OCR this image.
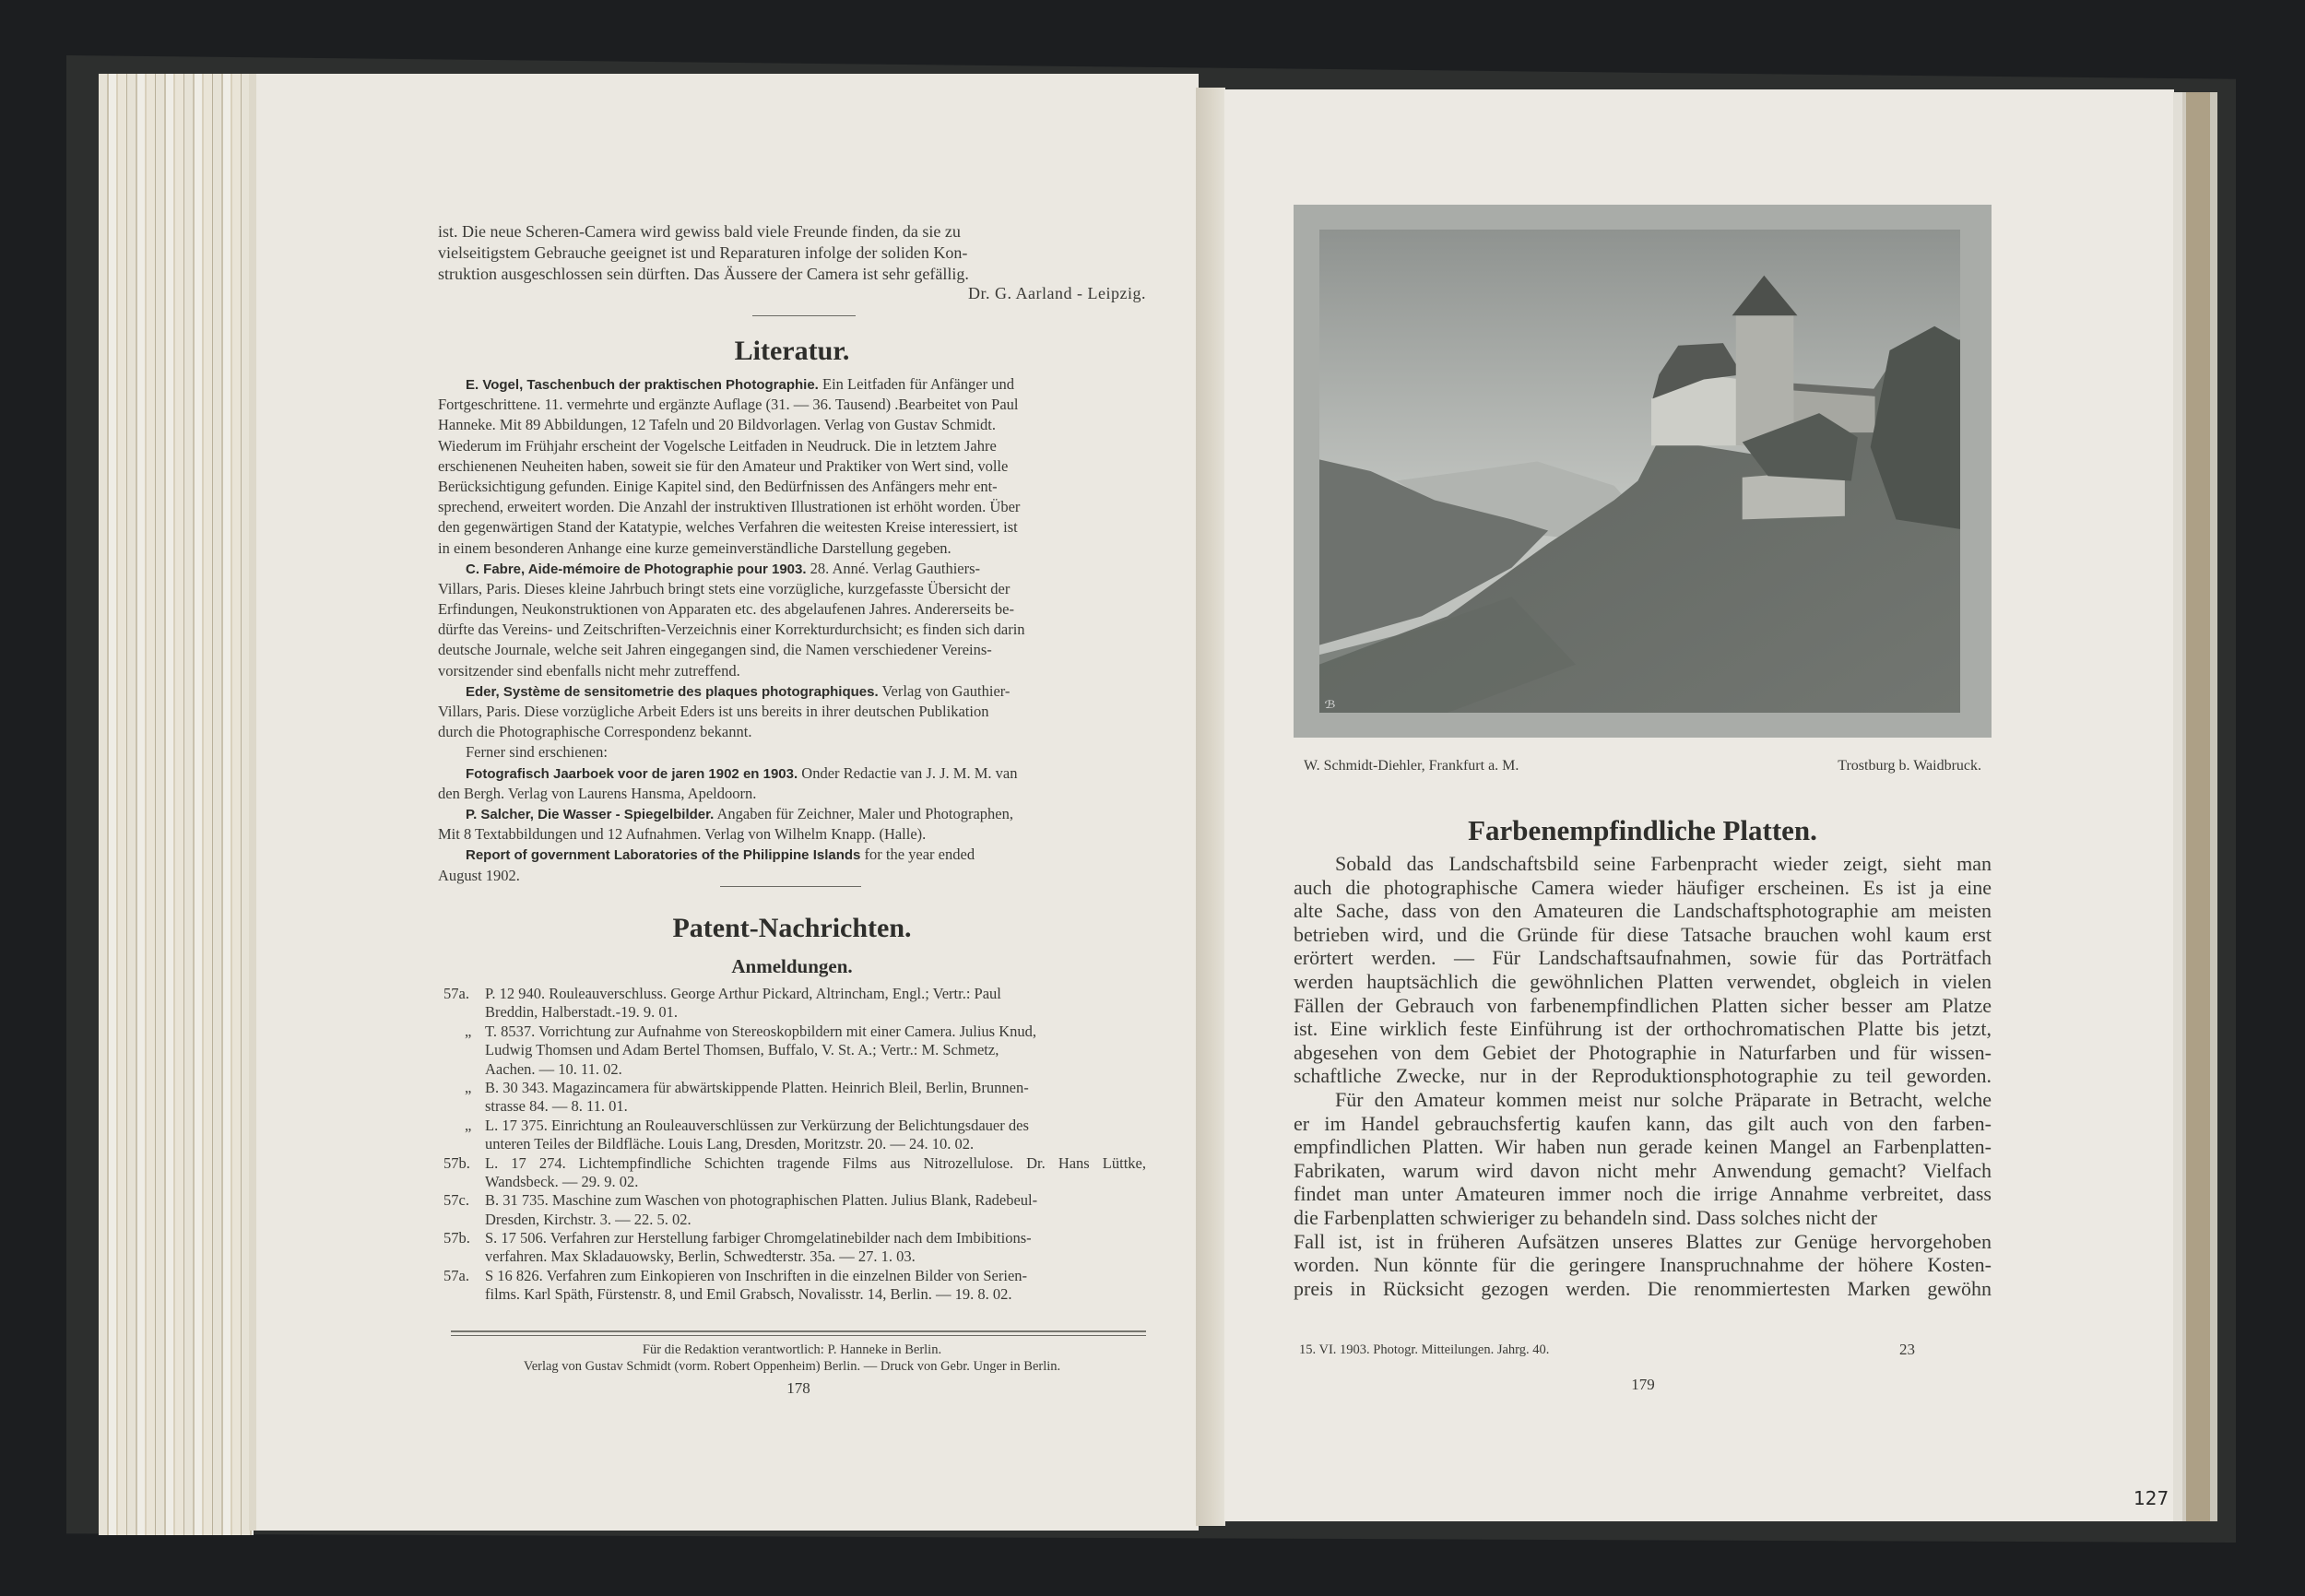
ist. Die neue Scheren-Camera wird gewiss bald viele Freunde finden, da sie zu
vielseitigstem Gebrauche geeignet ist und Reparaturen infolge der soliden Kon-
struktion ausgeschlossen sein dürften. Das Äussere der Camera ist sehr gefällig.
Dr. G. Aarland - Leipzig.
Literatur.
E. Vogel, Taschenbuch der praktischen Photographie. Ein Leitfaden für Anfänger und
Fortgeschrittene. 11. vermehrte und ergänzte Auflage (31. — 36. Tausend) .Bearbeitet von Paul
Hanneke. Mit 89 Abbildungen, 12 Tafeln und 20 Bildvorlagen. Verlag von Gustav Schmidt.
Wiederum im Frühjahr erscheint der Vogelsche Leitfaden in Neudruck. Die in letztem Jahre
erschienenen Neuheiten haben, soweit sie für den Amateur und Praktiker von Wert sind, volle
Berücksichtigung gefunden. Einige Kapitel sind, den Bedürfnissen des Anfängers mehr ent-
sprechend, erweitert worden. Die Anzahl der instruktiven Illustrationen ist erhöht worden. Über
den gegenwärtigen Stand der Katatypie, welches Verfahren die weitesten Kreise interessiert, ist
in einem besonderen Anhange eine kurze gemeinverständliche Darstellung gegeben.
C. Fabre, Aide-mémoire de Photographie pour 1903. 28. Anné. Verlag Gauthiers-
Villars, Paris. Dieses kleine Jahrbuch bringt stets eine vorzügliche, kurzgefasste Übersicht der
Erfindungen, Neukonstruktionen von Apparaten etc. des abgelaufenen Jahres. Andererseits be-
dürfte das Vereins- und Zeitschriften-Verzeichnis einer Korrekturdurchsicht; es finden sich darin
deutsche Journale, welche seit Jahren eingegangen sind, die Namen verschiedener Vereins-
vorsitzender sind ebenfalls nicht mehr zutreffend.
Eder, Système de sensitometrie des plaques photographiques. Verlag von Gauthier-
Villars, Paris. Diese vorzügliche Arbeit Eders ist uns bereits in ihrer deutschen Publikation
durch die Photographische Correspondenz bekannt.
Ferner sind erschienen:
Fotografisch Jaarboek voor de jaren 1902 en 1903. Onder Redactie van J. J. M. M. van
den Bergh. Verlag von Laurens Hansma, Apeldoorn.
P. Salcher, Die Wasser - Spiegelbilder. Angaben für Zeichner, Maler und Photographen,
Mit 8 Textabbildungen und 12 Aufnahmen. Verlag von Wilhelm Knapp. (Halle).
Report of government Laboratories of the Philippine Islands for the year ended
August 1902.
Patent-Nachrichten.
Anmeldungen.
57a.	P. 12 940. Rouleauverschluss. George Arthur Pickard, Altrincham, Engl.; Vertr.: Paul
Breddin, Halberstadt.-19. 9. 01.
„ T. 8537. Vorrichtung zur Aufnahme von Stereoskopbildern mit einer Camera. Julius Knud,
Ludwig Thomsen und Adam Bertel Thomsen, Buffalo, V. St. A.; Vertr.: M. Schmetz,
Aachen. — 10. 11. 02.
„ B. 30 343. Magazincamera für abwärtskippende Platten. Heinrich Bleil, Berlin, Brunnen-
strasse 84. — 8. 11. 01.
„ L. 17 375. Einrichtung an Rouleauverschlüssen zur Verkürzung der Belichtungsdauer des
unteren Teiles der Bildfläche. Louis Lang, Dresden, Moritzstr. 20. — 24. 10. 02.
57b. L. 17 274. Lichtempfindliche Schichten tragende Films aus Nitrozellulose. Dr. Hans Lüttke,
Wandsbeck. — 29. 9. 02.
57c.	B. 31 735. Maschine zum Waschen von photographischen Platten. Julius Blank, Radebeul-
Dresden, Kirchstr. 3. — 22. 5. 02.
57b. S. 17 506. Verfahren zur Herstellung farbiger Chromgelatinebilder nach dem Imbibitions-
verfahren. Max Skladauowsky, Berlin, Schwedterstr. 35a. — 27. 1. 03.
57a.	S 16 826. Verfahren zum Einkopieren von Inschriften in die einzelnen Bilder von Serien-
films. Karl Späth, Fürstenstr. 8, und Emil Grabsch, Novalisstr. 14, Berlin. — 19. 8. 02.
Für die Redaktion verantwortlich: P. Hanneke in Berlin.
Verlag von Gustav Schmidt (vorm. Robert Oppenheim) Berlin. — Druck von Gebr. Unger in Berlin.
178
ℬ
W. Schmidt-Diehler, Frankfurt a. M.	Trostburg b. Waidbruck.
Farbenempfindliche Platten.
Sobald das Landschaftsbild seine Farbenpracht wieder zeigt, sieht man
auch die photographische Camera wieder häufiger erscheinen. Es ist ja eine
alte Sache, dass von den Amateuren die Landschaftsphotographie am meisten
betrieben wird, und die Gründe für diese Tatsache brauchen wohl kaum erst
erörtert werden. — Für Landschaftsaufnahmen, sowie für das Porträtfach
werden hauptsächlich die gewöhnlichen Platten verwendet, obgleich in vielen
Fällen der Gebrauch von farbenempfindlichen Platten sicher besser am Platze
ist. Eine wirklich feste Einführung ist der orthochromatischen Platte bis jetzt,
abgesehen von dem Gebiet der Photographie in Naturfarben und für wissen-
schaftliche Zwecke, nur in der Reproduktionsphotographie zu teil geworden.
Für den Amateur kommen meist nur solche Präparate in Betracht, welche
er im Handel gebrauchsfertig kaufen kann, das gilt auch von den farben-
empfindlichen Platten. Wir haben nun gerade keinen Mangel an Farbenplatten-
Fabrikaten, warum wird davon nicht mehr Anwendung gemacht? Vielfach
findet man unter Amateuren immer noch die irrige Annahme verbreitet, dass
die Farbenplatten schwieriger zu behandeln sind. Dass solches nicht der
Fall ist, ist in früheren Aufsätzen unseres Blattes zur Genüge hervorgehoben
worden. Nun könnte für die geringere Inanspruchnahme der höhere Kosten-
preis in Rücksicht gezogen werden. Die renommiertesten Marken gewöhn
15. VI. 1903. Photogr. Mitteilungen. Jahrg. 40.	23
179
127
